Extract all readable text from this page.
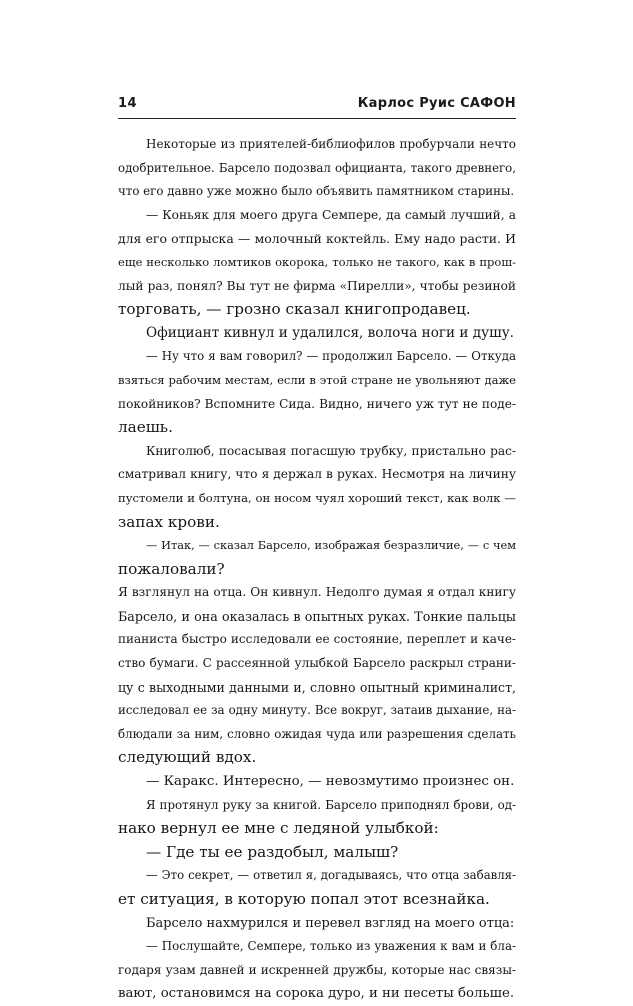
14	Карлос Руис САФОН
Некоторые из приятелей-библиофилов пробурчали нечто
одобрительное. Барсело подозвал официанта, такого древнего,
что его давно уже можно было объявить памятником старины.
— Коньяк для моего друга Семпере, да самый лучший, а
для его отпрыска — молочный коктейль. Ему надо расти. И
еще несколько ломтиков окорока, только не такого, как в прош-
лый раз, понял? Вы тут не фирма «Пирелли», чтобы резиной
торговать, — грозно сказал книгопродавец.
Официант кивнул и удалился, волоча ноги и душу.
— Ну что я вам говорил? — продолжил Барсело. — Откуда
взяться рабочим местам, если в этой стране не увольняют даже
покойников? Вспомните Сида. Видно, ничего уж тут не поде-
лаешь.
Книголюб, посасывая погасшую трубку, пристально рас-
сматривал книгу, что я держал в руках. Несмотря на личину
пустомели и болтуна, он носом чуял хороший текст, как волк —
запах крови.
— Итак, — сказал Барсело, изображая безразличие, — с чем
пожаловали?
Я взглянул на отца. Он кивнул. Недолго думая я отдал книгу
Барсело, и она оказалась в опытных руках. Тонкие пальцы
пианиста быстро исследовали ее состояние, переплет и каче-
ство бумаги. С рассеянной улыбкой Барсело раскрыл страни-
цу с выходными данными и, словно опытный криминалист,
исследовал ее за одну минуту. Все вокруг, затаив дыхание, на-
блюдали за ним, словно ожидая чуда или разрешения сделать
следующий вдох.
— Каракс. Интересно, — невозмутимо произнес он.
Я протянул руку за книгой. Барсело приподнял брови, од-
нако вернул ее мне с ледяной улыбкой:
— Где ты ее раздобыл, малыш?
— Это секрет, — ответил я, догадываясь, что отца забавля-
ет ситуация, в которую попал этот всезнайка.
Барсело нахмурился и перевел взгляд на моего отца:
— Послушайте, Семпере, только из уважения к вам и бла-
годаря узам давней и искренней дружбы, которые нас связы-
вают, остановимся на сорока дуро, и ни песеты больше.
